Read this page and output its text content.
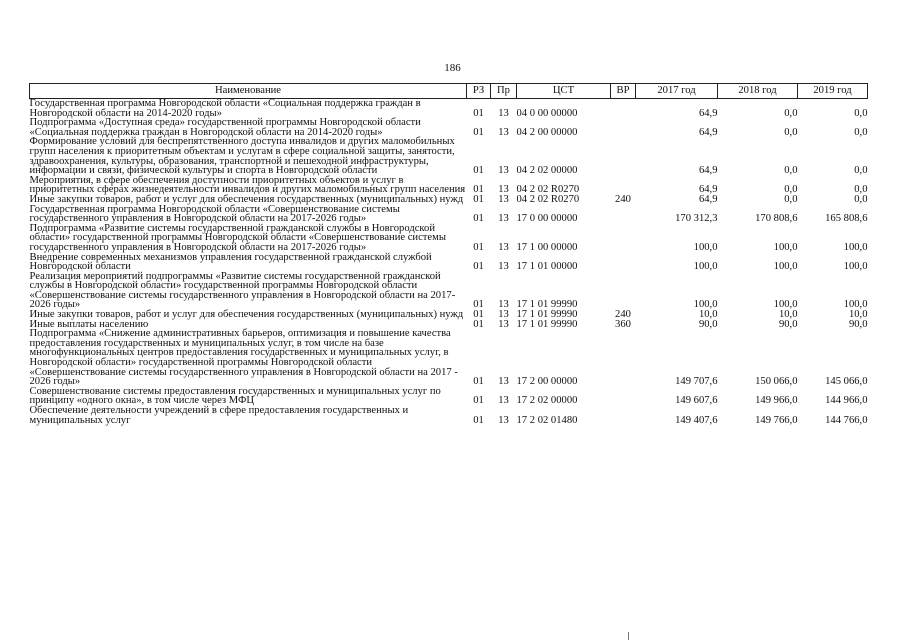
186
Наименование	РЗ	Пр	ЦСТ	ВР	2017 год	2018 год	2019 год
Государственная программа Новгородской области «Социальная поддержка граждан в Новгородской области на 2014-2020 годы»	01	13	04 0 00 00000		64,9	0,0	0,0
Подпрограмма «Доступная среда» государственной программы Новгородской области «Социальная поддержка граждан в Новгородской области на 2014-2020 годы»	01	13	04 2 00 00000		64,9	0,0	0,0
Формирование условий для беспрепятственного доступа инвалидов и других маломобильных групп населения к приоритетным объектам и услугам в сфере социальной защиты, занятости, здравоохранения, культуры, образования, транспортной и пешеходной инфраструктуры, информации и связи, физической культуры и спорта в Новгородской области	01	13	04 2 02 00000		64,9	0,0	0,0
Мероприятия, в сфере обеспечения доступности приоритетных объектов и услуг в приоритетных сферах жизнедеятельности инвалидов и других маломобильных групп населения	01	13	04 2 02 R0270		64,9	0,0	0,0
Иные закупки товаров, работ и услуг для обеспечения государственных (муниципальных) нужд	01	13	04 2 02 R0270	240	64,9	0,0	0,0
Государственная программа Новгородской области «Совершенствование системы государственного управления в Новгородской области на 2017-2026 годы»	01	13	17 0 00 00000		170 312,3	170 808,6	165 808,6
Подпрограмма «Развитие системы государственной гражданской службы в Новгородской области» государственной программы Новгородской области «Совершенствование системы государственного управления в Новгородской области на 2017-2026 годы»	01	13	17 1 00 00000		100,0	100,0	100,0
Внедрение современных механизмов управления государственной гражданской службой Новгородской области	01	13	17 1 01 00000		100,0	100,0	100,0
Реализация мероприятий подпрограммы «Развитие системы государственной гражданской службы в Новгородской области» государственной программы Новгородской области «Совершенствование системы государственного управления в Новгородской области на 2017-2026 годы»	01	13	17 1 01 99990		100,0	100,0	100,0
Иные закупки товаров, работ и услуг для обеспечения государственных (муниципальных) нужд	01	13	17 1 01 99990	240	10,0	10,0	10,0
Иные выплаты населению	01	13	17 1 01 99990	360	90,0	90,0	90,0
Подпрограмма «Снижение административных барьеров, оптимизация и повышение качества предоставления государственных и муниципальных услуг, в том числе на базе многофункциональных центров предоставления государственных и муниципальных услуг, в Новгородской области» государственной программы Новгородской области «Совершенствование системы государственного управления в Новгородской области на 2017 - 2026 годы»	01	13	17 2 00 00000		149 707,6	150 066,0	145 066,0
Совершенствование системы предоставления государственных и муниципальных услуг по принципу «одного окна», в том числе через МФЦ	01	13	17 2 02 00000		149 607,6	149 966,0	144 966,0
Обеспечение деятельности учреждений в сфере предоставления государственных и муниципальных услуг	01	13	17 2 02 01480		149 407,6	149 766,0	144 766,0
